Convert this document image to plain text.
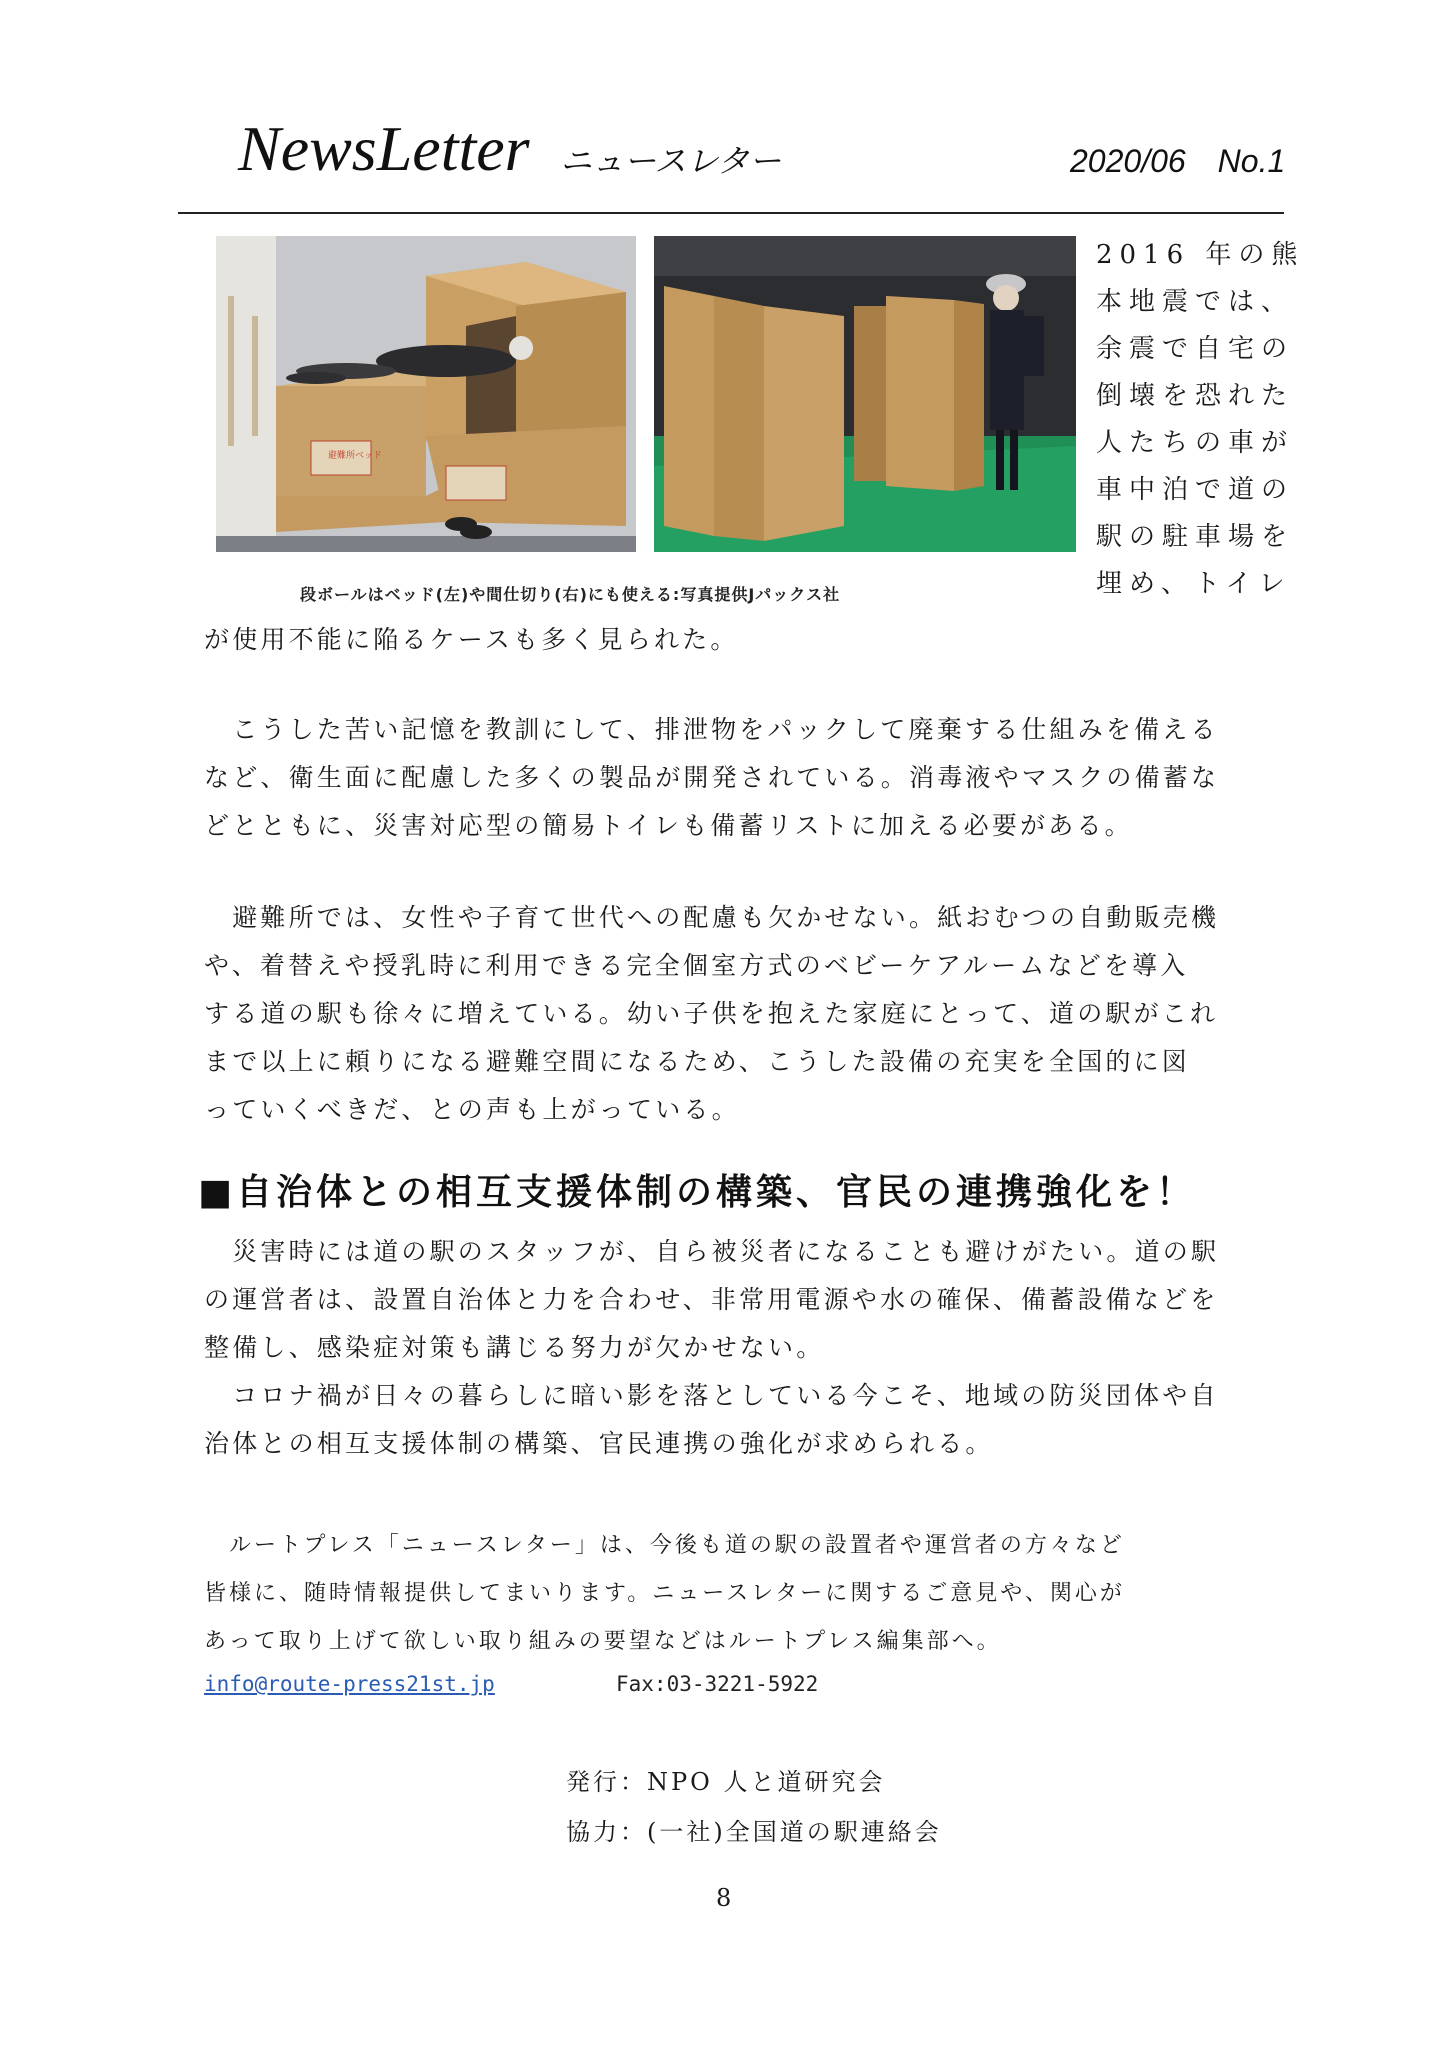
NewsLetter ニュースレター	2020/06　No.1
避難所ベッド
段ボールはベッド(左)や間仕切り(右)にも使える:写真提供Jパックス社
2016 年の熊
本地震では、
余震で自宅の
倒壊を恐れた
人たちの車が
車中泊で道の
駅の駐車場を
埋め、トイレ
が使用不能に陥るケースも多く見られた。
　こうした苦い記憶を教訓にして、排泄物をパックして廃棄する仕組みを備える
など、衛生面に配慮した多くの製品が開発されている。消毒液やマスクの備蓄な
どとともに、災害対応型の簡易トイレも備蓄リストに加える必要がある。
　避難所では、女性や子育て世代への配慮も欠かせない。紙おむつの自動販売機
や、着替えや授乳時に利用できる完全個室方式のベビーケアルームなどを導入
する道の駅も徐々に増えている。幼い子供を抱えた家庭にとって、道の駅がこれ
まで以上に頼りになる避難空間になるため、こうした設備の充実を全国的に図
っていくべきだ、との声も上がっている。
■自治体との相互支援体制の構築、官民の連携強化を！
　災害時には道の駅のスタッフが、自ら被災者になることも避けがたい。道の駅
の運営者は、設置自治体と力を合わせ、非常用電源や水の確保、備蓄設備などを
整備し、感染症対策も講じる努力が欠かせない。
　コロナ禍が日々の暮らしに暗い影を落としている今こそ、地域の防災団体や自
治体との相互支援体制の構築、官民連携の強化が求められる。
　ルートプレス「ニュースレター」は、今後も道の駅の設置者や運営者の方々など
皆様に、随時情報提供してまいります。ニュースレターに関するご意見や、関心が
あって取り上げて欲しい取り組みの要望などはルートプレス編集部へ。
info@route-press21st.jp	Fax:03-3221-5922
発行：NPO 人と道研究会
協力：(一社)全国道の駅連絡会
8
